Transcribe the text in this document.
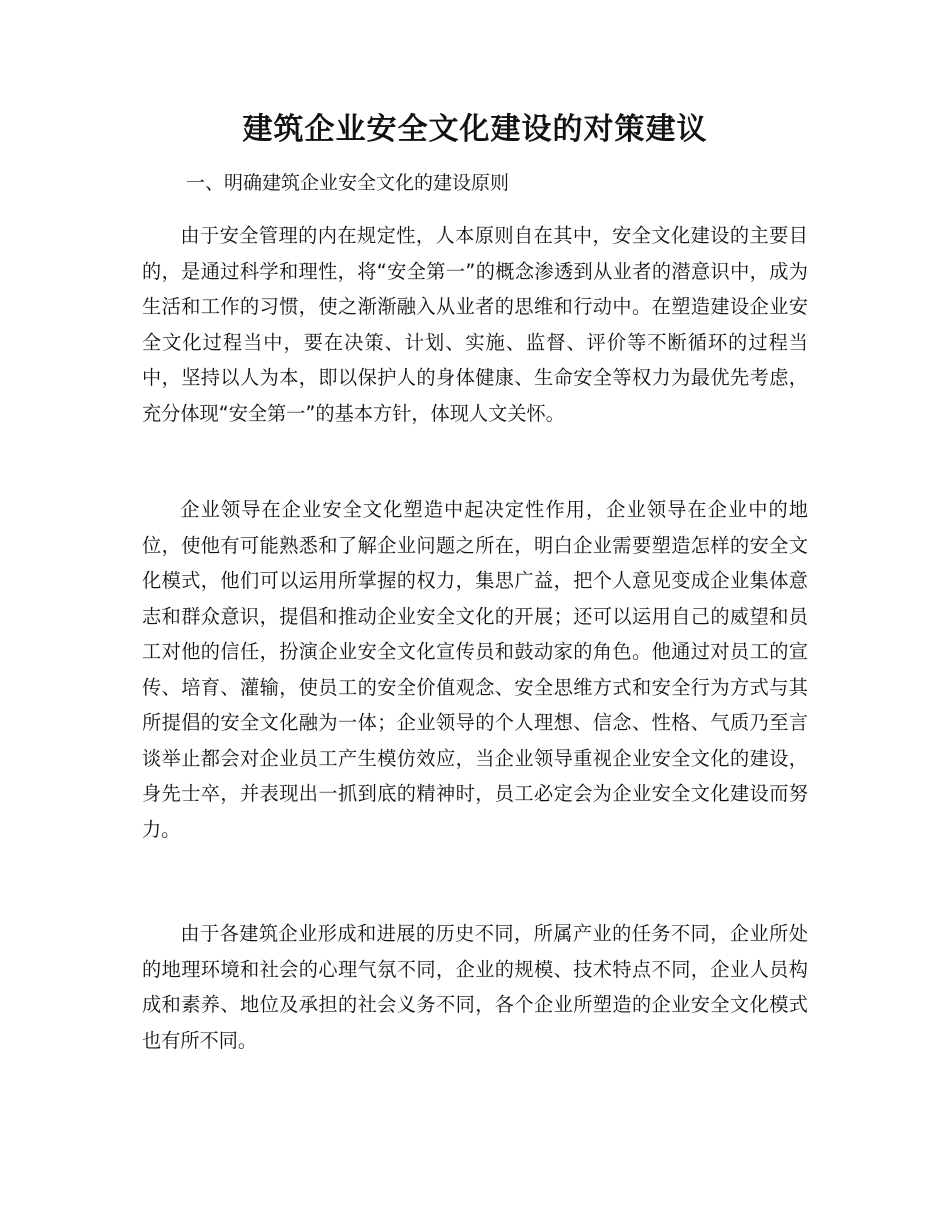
建筑企业安全文化建设的对策建议

一、明确建筑企业安全文化的建设原则

由于安全管理的内在规定性，人本原则自在其中，安全文化建设的主要目的，是通过科学和理性，将“安全第一”的概念渗透到从业者的潜意识中，成为生活和工作的习惯，使之渐渐融入从业者的思维和行动中。在塑造建设企业安全文化过程当中，要在决策、计划、实施、监督、评价等不断循环的过程当中，坚持以人为本，即以保护人的身体健康、生命安全等权力为最优先考虑，充分体现“安全第一”的基本方针，体现人文关怀。

企业领导在企业安全文化塑造中起决定性作用，企业领导在企业中的地位，使他有可能熟悉和了解企业问题之所在，明白企业需要塑造怎样的安全文化模式，他们可以运用所掌握的权力，集思广益，把个人意见变成企业集体意志和群众意识，提倡和推动企业安全文化的开展；还可以运用自己的威望和员工对他的信任，扮演企业安全文化宣传员和鼓动家的角色。他通过对员工的宣传、培育、灌输，使员工的安全价值观念、安全思维方式和安全行为方式与其所提倡的安全文化融为一体；企业领导的个人理想、信念、性格、气质乃至言谈举止都会对企业员工产生模仿效应，当企业领导重视企业安全文化的建设，身先士卒，并表现出一抓到底的精神时，员工必定会为企业安全文化建设而努力。

由于各建筑企业形成和进展的历史不同，所属产业的任务不同，企业所处的地理环境和社会的心理气氛不同，企业的规模、技术特点不同，企业人员构成和素养、地位及承担的社会义务不同，各个企业所塑造的企业安全文化模式也有所不同。
